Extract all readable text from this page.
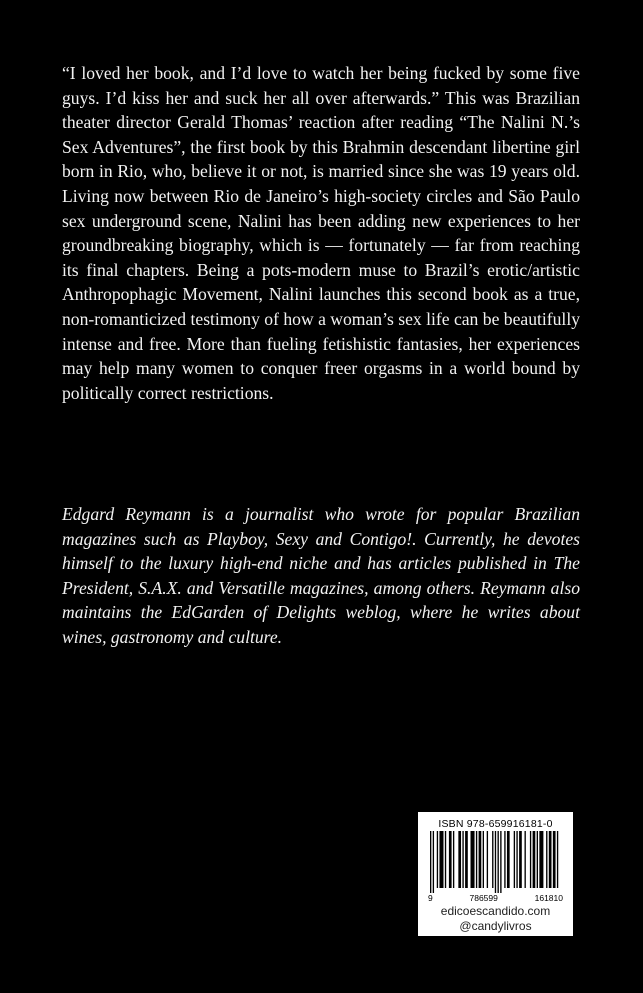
“I loved her book, and I’d love to watch her being fucked by some five guys. I’d kiss her and suck her all over afterwards.” This was Brazilian theater director Gerald Thomas’ reaction after reading “The Nalini N.’s Sex Adventures”, the first book by this Brahmin descendant libertine girl born in Rio, who, believe it or not, is married since she was 19 years old. Living now between Rio de Janeiro’s high-society circles and São Paulo sex underground scene, Nalini has been adding new experiences to her groundbreaking biography, which is — fortunately — far from reaching its final chapters. Being a pots-modern muse to Brazil’s erotic/artistic Anthropophagic Movement, Nalini launches this second book as a true, non-romanticized testimony of how a woman’s sex life can be beautifully intense and free. More than fueling fetishistic fantasies, her experiences may help many women to conquer freer orgasms in a world bound by politically correct restrictions.

Edgard Reymann is a journalist who wrote for popular Brazilian magazines such as Playboy, Sexy and Contigo!. Currently, he devotes himself to the luxury high-end niche and has articles published in The President, S.A.X. and Versatille magazines, among others. Reymann also maintains the EdGarden of Delights weblog, where he writes about wines, gastronomy and culture.

ISBN 978-659916181-0
9	786599	161810
edicoescandido.com
@candylivros
